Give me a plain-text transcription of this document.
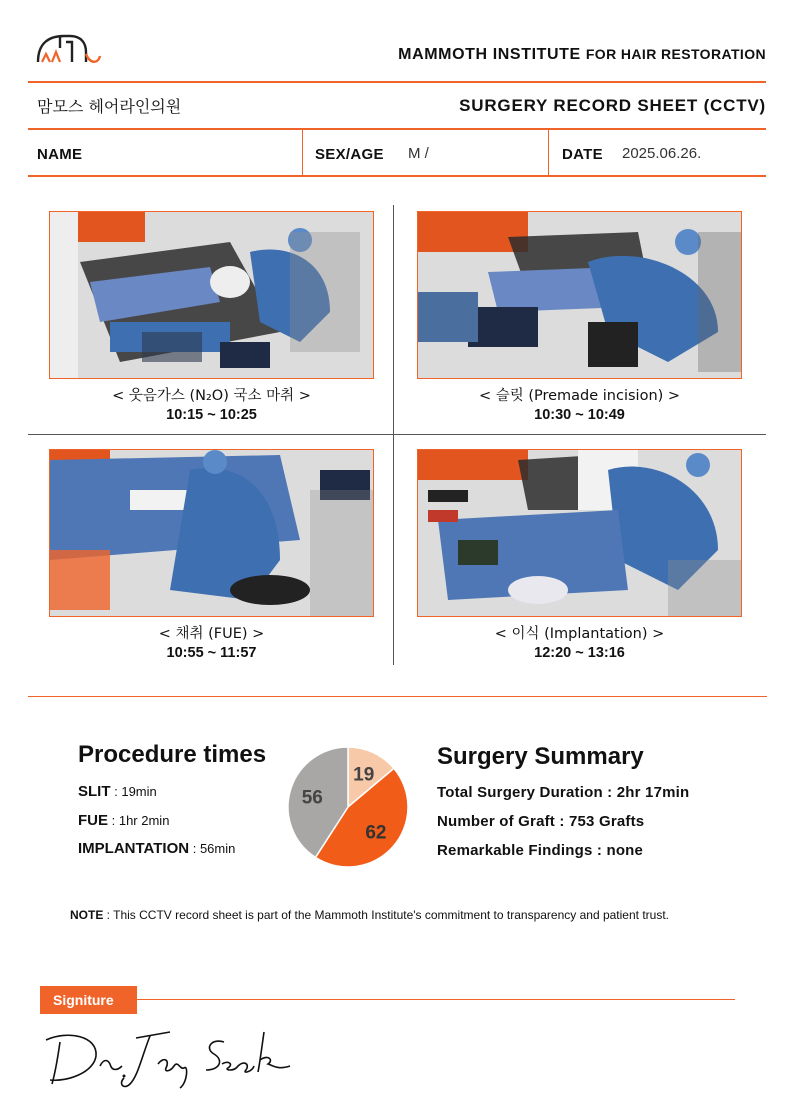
MAMMOTH INSTITUTE FOR HAIR RESTORATION
맘모스 헤어라인의원	SURGERY RECORD SHEET (CCTV)
NAME	SEX/AGE M /	DATE 2025.06.26.
< 웃음가스 (N₂O) 국소 마취 >
10:15 ~ 10:25
< 슬릿 (Premade incision) >
10:30 ~ 10:49
< 채취 (FUE) >
10:55 ~ 11:57
< 이식 (Implantation) >
12:20 ~ 13:16
Procedure times
SLIT : 19min
FUE : 1hr 2min
IMPLANTATION : 56min
19
62
56
Surgery Summary
Total Surgery Duration : 2hr 17min
Number of Graft : 753 Grafts
Remarkable Findings : none
NOTE : This CCTV record sheet is part of the Mammoth Institute's commitment to transparency and patient trust.
Signiture
